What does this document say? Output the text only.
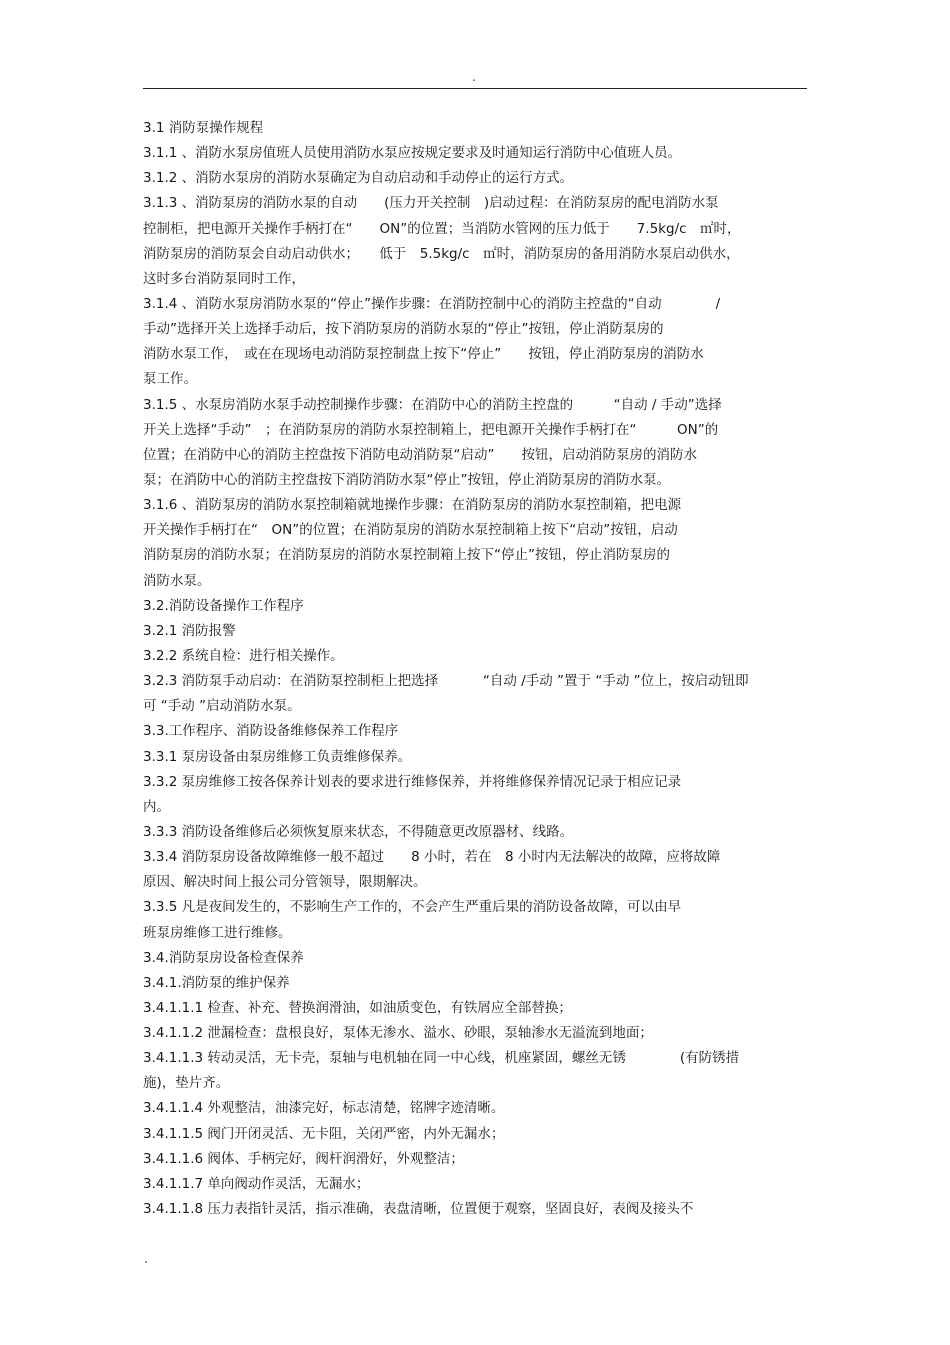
.
3.1 消防泵操作规程
3.1.1 、消防水泵房值班人员使用消防水泵应按规定要求及时通知运行消防中心值班人员。
3.1.2 、消防水泵房的消防水泵确定为自动启动和手动停止的运行方式。
3.1.3 、消防泵房的消防水泵的自动　　(压力开关控制　)启动过程：在消防泵房的配电消防水泵
控制柜，把电源开关操作手柄打在“　　ON”的位置；当消防水管网的压力低于　　7.5kg/c　㎡时，
消防泵房的消防泵会自动启动供水；　　低于　5.5kg/c　㎡时，消防泵房的备用消防水泵启动供水，
这时多台消防泵同时工作，
3.1.4 、消防水泵房消防水泵的“停止”操作步骤：在消防控制中心的消防主控盘的“自动　　　　/
手动”选择开关上选择手动后，按下消防泵房的消防水泵的“停止”按钮，停止消防泵房的
消防水泵工作，　或在在现场电动消防泵控制盘上按下“停止”　　按钮，停止消防泵房的消防水
泵工作。
3.1.5 、水泵房消防水泵手动控制操作步骤：在消防中心的消防主控盘的　　　“自动 / 手动”选择
开关上选择“手动”　；在消防泵房的消防水泵控制箱上，把电源开关操作手柄打在“　　　ON”的
位置；在消防中心的消防主控盘按下消防电动消防泵“启动”　　按钮，启动消防泵房的消防水
泵；在消防中心的消防主控盘按下消防消防水泵“停止”按钮，停止消防泵房的消防水泵。
3.1.6 、消防泵房的消防水泵控制箱就地操作步骤：在消防泵房的消防水泵控制箱，把电源
开关操作手柄打在“　ON”的位置；在消防泵房的消防水泵控制箱上按下“启动”按钮，启动
消防泵房的消防水泵；在消防泵房的消防水泵控制箱上按下“停止”按钮，停止消防泵房的
消防水泵。
3.2.消防设备操作工作程序
3.2.1 消防报警
3.2.2 系统自检：进行相关操作。
3.2.3 消防泵手动启动：在消防泵控制柜上把选择　　　 “自动 /手动 ”置于 “手动 ”位上，按启动钮即
可 “手动 ”启动消防水泵。
3.3.工作程序、消防设备维修保养工作程序
3.3.1 泵房设备由泵房维修工负责维修保养。
3.3.2 泵房维修工按各保养计划表的要求进行维修保养，并将维修保养情况记录于相应记录
内。
3.3.3 消防设备维修后必须恢复原来状态，不得随意更改原器材、线路。
3.3.4 消防泵房设备故障维修一般不超过　　8 小时，若在　8 小时内无法解决的故障，应将故障
原因、解决时间上报公司分管领导，限期解决。
3.3.5 凡是夜间发生的，不影响生产工作的，不会产生严重后果的消防设备故障，可以由早
班泵房维修工进行维修。
3.4.消防泵房设备检查保养
3.4.1.消防泵的维护保养
3.4.1.1.1 检查、补充、替换润滑油，如油质变色，有铁屑应全部替换；
3.4.1.1.2 泄漏检查：盘根良好，泵体无渗水、溢水、砂眼，泵轴渗水无溢流到地面；
3.4.1.1.3 转动灵活，无卡壳，泵轴与电机轴在同一中心线，机座紧固，螺丝无锈　　　　(有防锈措
施)，垫片齐。
3.4.1.1.4 外观整洁，油漆完好，标志清楚，铭牌字迹清晰。
3.4.1.1.5 阀门开闭灵活、无卡阻，关闭严密，内外无漏水；
3.4.1.1.6 阀体、手柄完好，阀杆润滑好，外观整洁；
3.4.1.1.7 单向阀动作灵活，无漏水；
3.4.1.1.8 压力表指针灵活，指示准确，表盘清晰，位置便于观察，坚固良好，表阀及接头不
.
